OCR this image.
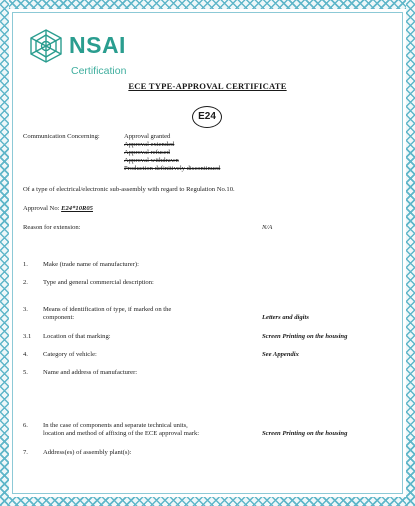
NSAI
Certification
ECE TYPE-APPROVAL CERTIFICATE
E24
Communication Concerning:	Approval granted
Approval extended
Approval refused
Approval withdrawn
Production definitively discontinued
Of a type of electrical/electronic sub-assembly with regard to Regulation No.10.
Approval No: E24*10R05
Reason for extension:	N/A
1. Make (trade name of manufacturer):
2. Type and general commercial description:
3. Means of identification of type, if marked on the
component:	Letters and digits
3.1 Location of that marking:	Screen Printing on the housing
4. Category of vehicle:	See Appendix
5. Name and address of manufacturer:
6. In the case of components and separate technical units,
location and method of affixing of the ECE approval mark:	Screen Printing on the housing
7. Address(es) of assembly plant(s):
